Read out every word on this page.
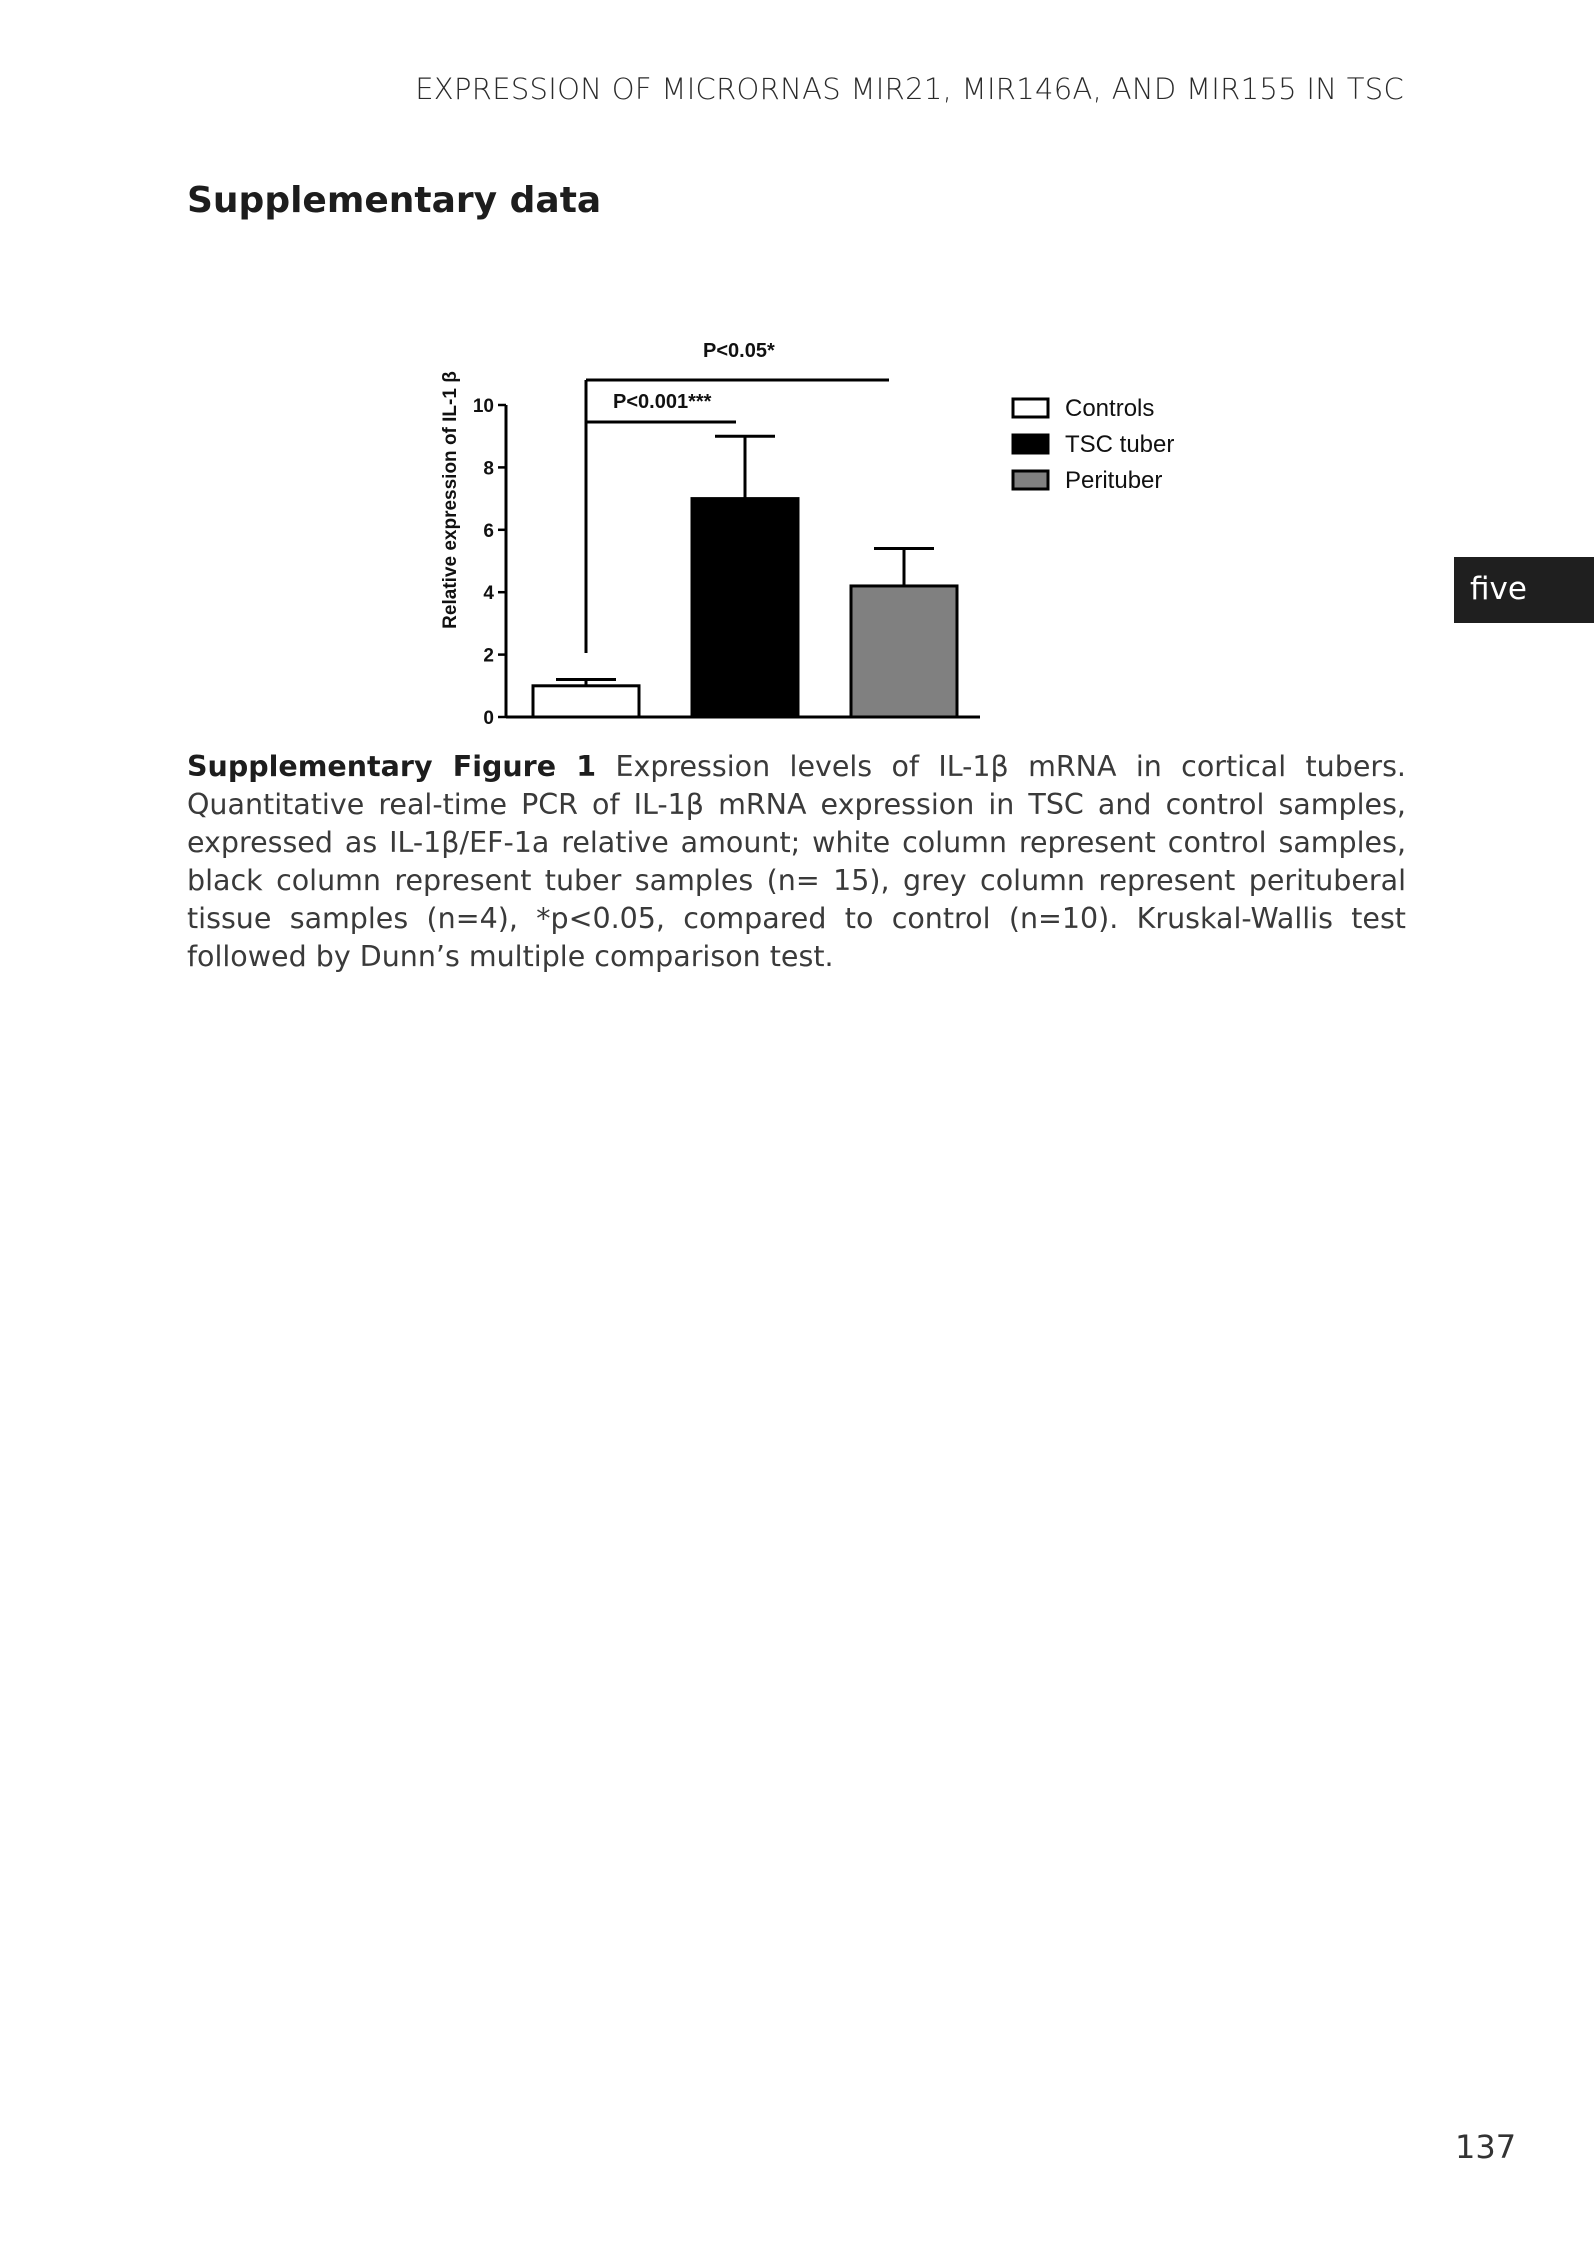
EXPRESSION OF MICRORNAS MIR21, MIR146A, AND MIR155 IN TSC
Supplementary data
five
Relative expression of IL-1 β
0
2
4
6
8
10
P<0.05*
P<0.001***	Controls
TSC tuber
Perituber
Supplementary Figure 1 Expression levels of IL-1β mRNA in cortical tubers. Quantitative real-time PCR of IL-1β mRNA expression in TSC and control samples, expressed as IL-1β/EF-1a relative amount; white column represent control samples, black column represent tuber samples (n= 15), grey column represent perituberal tissue samples (n=4), *p<0.05, compared to control (n=10). Kruskal-Wallis test followed by Dunn’s multiple comparison test.
137
